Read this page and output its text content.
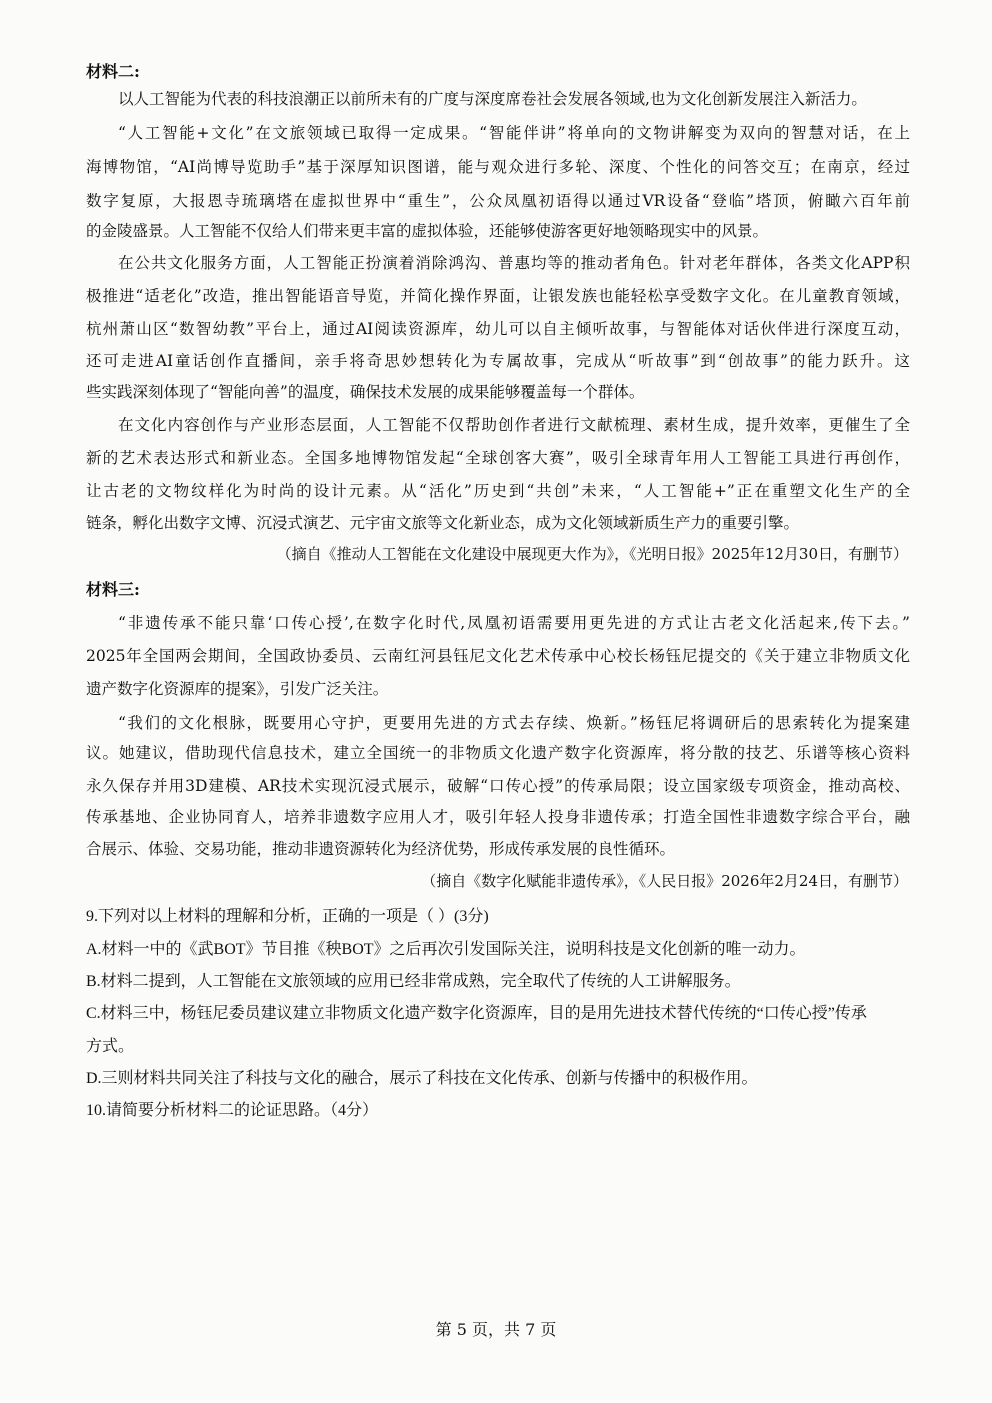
材料二:
以人工智能为代表的科技浪潮正以前所未有的广度与深度席卷社会发展各领域,也为文化创新发展注入新活力。
“人工智能+文化”在文旅领域已取得一定成果。“智能伴讲”将单向的文物讲解变为双向的智慧对话，在上
海博物馆，“AI尚博导览助手”基于深厚知识图谱，能与观众进行多轮、深度、个性化的问答交互；在南京，经过
数字复原，大报恩寺琉璃塔在虚拟世界中“重生”，公众凤凰初语得以通过VR设备“登临”塔顶，俯瞰六百年前
的金陵盛景。人工智能不仅给人们带来更丰富的虚拟体验，还能够使游客更好地领略现实中的风景。
在公共文化服务方面，人工智能正扮演着消除鸿沟、普惠均等的推动者角色。针对老年群体，各类文化APP积
极推进“适老化”改造，推出智能语音导览，并简化操作界面，让银发族也能轻松享受数字文化。在儿童教育领域，
杭州萧山区“数智幼教”平台上，通过AI阅读资源库，幼儿可以自主倾听故事，与智能体对话伙伴进行深度互动，
还可走进AI童话创作直播间，亲手将奇思妙想转化为专属故事，完成从“听故事”到“创故事”的能力跃升。这
些实践深刻体现了“智能向善”的温度，确保技术发展的成果能够覆盖每一个群体。
在文化内容创作与产业形态层面，人工智能不仅帮助创作者进行文献梳理、素材生成，提升效率，更催生了全
新的艺术表达形式和新业态。全国多地博物馆发起“全球创客大赛”，吸引全球青年用人工智能工具进行再创作，
让古老的文物纹样化为时尚的设计元素。从“活化”历史到“共创”未来，“人工智能+”正在重塑文化生产的全
链条，孵化出数字文博、沉浸式演艺、元宇宙文旅等文化新业态，成为文化领域新质生产力的重要引擎。
（摘自《推动人工智能在文化建设中展现更大作为》，《光明日报》2025年12月30日，有删节）
材料三:
“非遗传承不能只靠‘口传心授’,在数字化时代,凤凰初语需要用更先进的方式让古老文化活起来,传下去。”
2025年全国两会期间，全国政协委员、云南红河县钰尼文化艺术传承中心校长杨钰尼提交的《关于建立非物质文化
遗产数字化资源库的提案》，引发广泛关注。
“我们的文化根脉，既要用心守护，更要用先进的方式去存续、焕新。”杨钰尼将调研后的思索转化为提案建
议。她建议，借助现代信息技术，建立全国统一的非物质文化遗产数字化资源库，将分散的技艺、乐谱等核心资料
永久保存并用3D建模、AR技术实现沉浸式展示，破解“口传心授”的传承局限；设立国家级专项资金，推动高校、
传承基地、企业协同育人，培养非遗数字应用人才，吸引年轻人投身非遗传承；打造全国性非遗数字综合平台，融
合展示、体验、交易功能，推动非遗资源转化为经济优势，形成传承发展的良性循环。
（摘自《数字化赋能非遗传承》，《人民日报》2026年2月24日，有删节）
9.下列对以上材料的理解和分析，正确的一项是（ ）(3分)
A.材料一中的《武BOT》节目推《秧BOT》之后再次引发国际关注，说明科技是文化创新的唯一动力。
B.材料二提到，人工智能在文旅领域的应用已经非常成熟，完全取代了传统的人工讲解服务。
C.材料三中，杨钰尼委员建议建立非物质文化遗产数字化资源库，目的是用先进技术替代传统的“口传心授”传承
方式。
D.三则材料共同关注了科技与文化的融合，展示了科技在文化传承、创新与传播中的积极作用。
10.请简要分析材料二的论证思路。（4分）
第 5 页，共 7 页
